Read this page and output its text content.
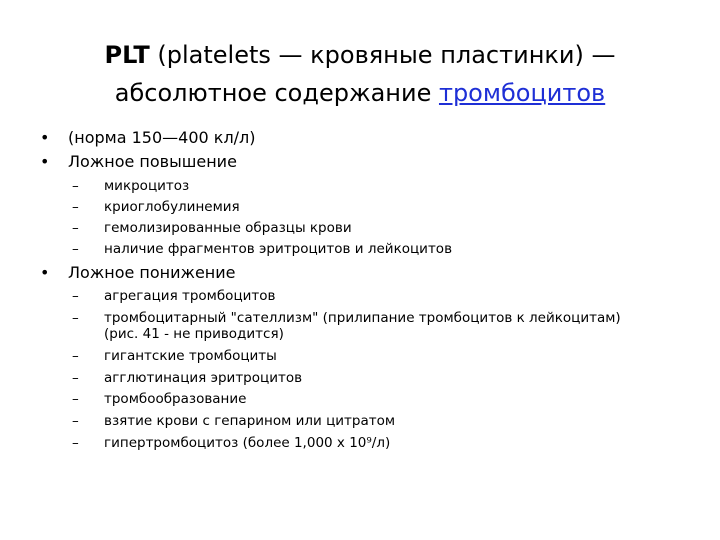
PLT (platelets — кровяные пластинки) —
абсолютное содержание тромбоцитов
• (норма 150—400 кл/л)
• Ложное повышение
–	микроцитоз
–	криоглобулинемия
–	гемолизированные образцы крови
–	наличие фрагментов эритроцитов и лейкоцитов
• Ложное понижение
–	агрегация тромбоцитов
–	тромбоцитарный "сателлизм" (прилипание тромбоцитов к лейкоцитам)
(рис. 41 - не приводится)
–	гигантские тромбоциты
–	агглютинация эритроцитов
–	тромбообразование
–	взятие крови с гепарином или цитратом
–	гипертромбоцитоз (более 1,000 x 10⁹/л)
